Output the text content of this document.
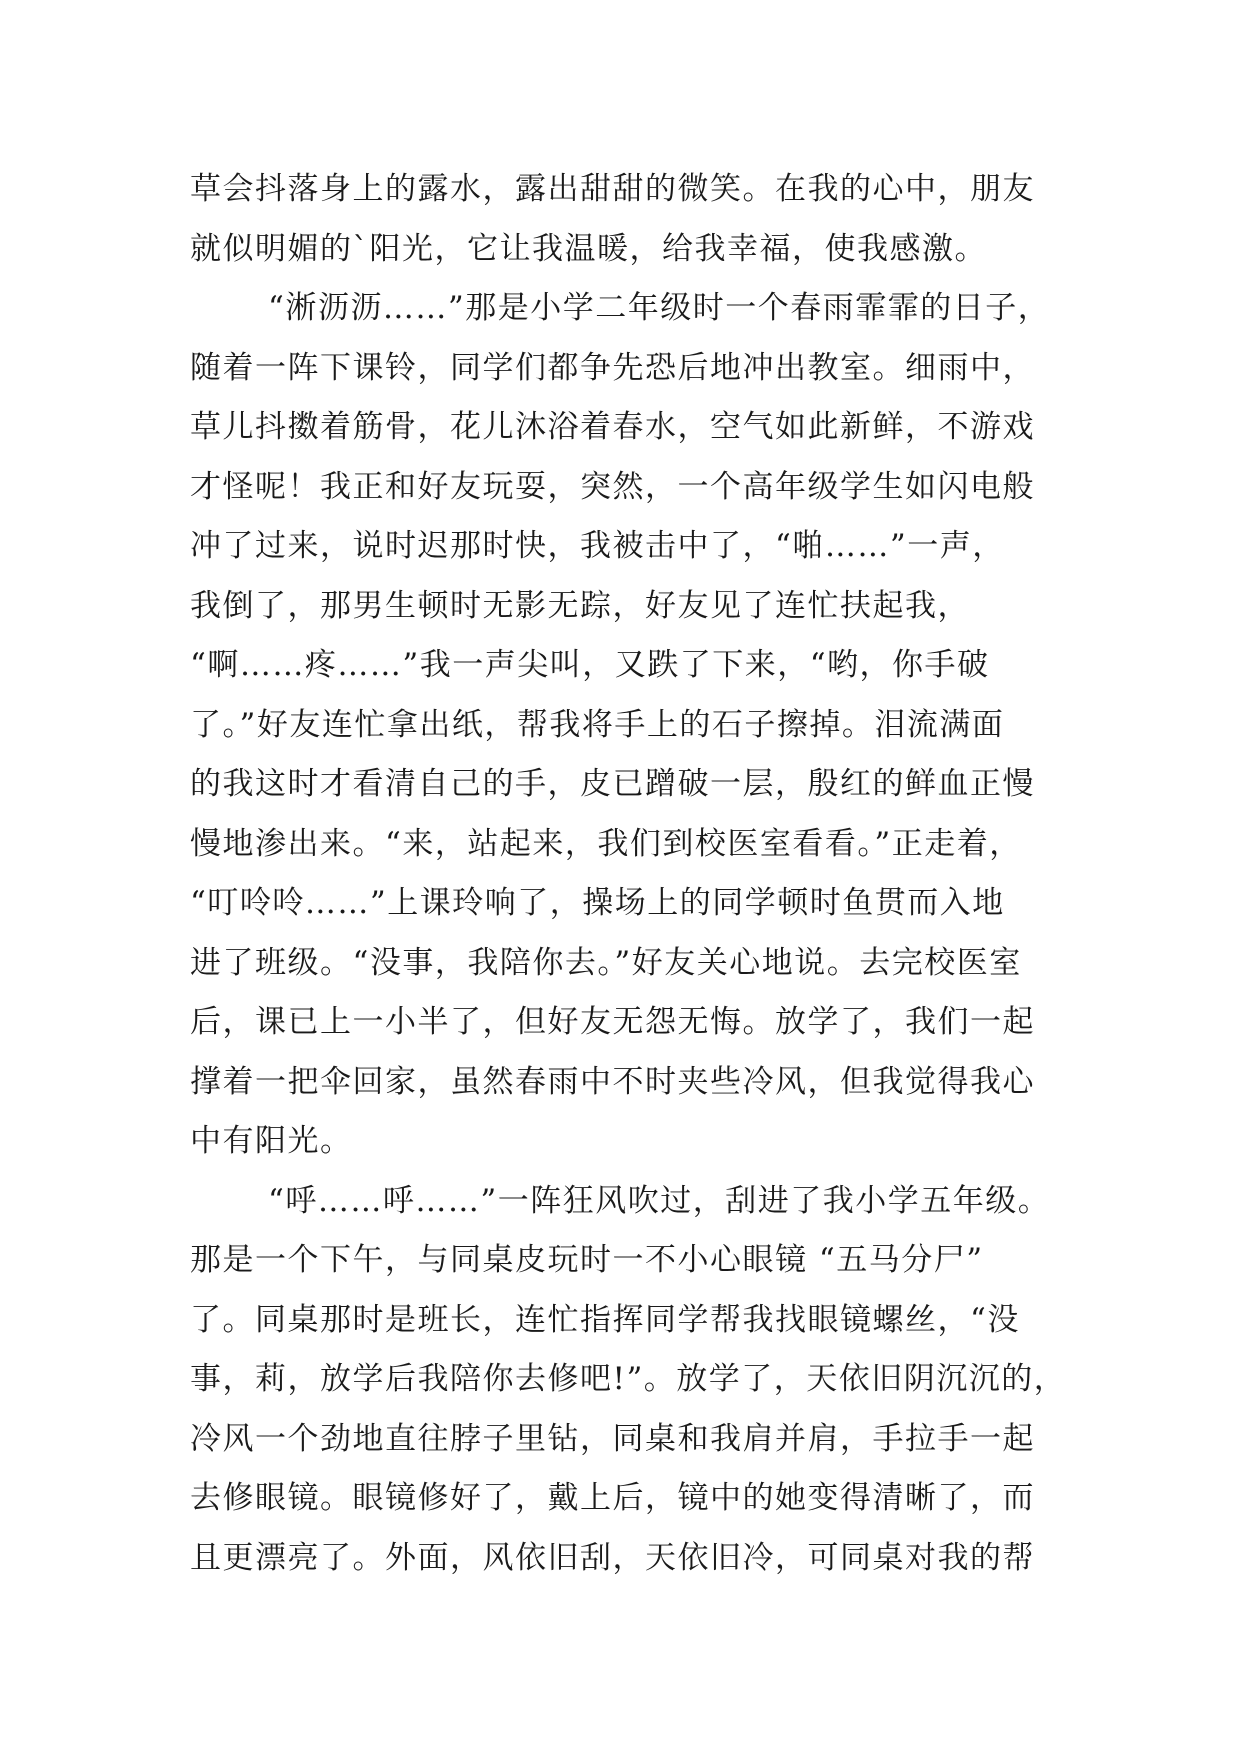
草会抖落身上的露水，露出甜甜的微笑。在我的心中，朋友
就似明媚的`阳光，它让我温暖，给我幸福，使我感激。
“淅沥沥……”那是小学二年级时一个春雨霏霏的日子，
随着一阵下课铃，同学们都争先恐后地冲出教室。细雨中，
草儿抖擞着筋骨，花儿沐浴着春水，空气如此新鲜，不游戏
才怪呢！我正和好友玩耍，突然，一个高年级学生如闪电般
冲了过来，说时迟那时快，我被击中了，“啪……”一声，
我倒了，那男生顿时无影无踪，好友见了连忙扶起我，
“啊……疼……”我一声尖叫，又跌了下来，“哟，你手破
了。”好友连忙拿出纸，帮我将手上的石子擦掉。泪流满面
的我这时才看清自己的手，皮已蹭破一层，殷红的鲜血正慢
慢地渗出来。“来，站起来，我们到校医室看看。”正走着，
“叮呤呤……”上课玲响了，操场上的同学顿时鱼贯而入地
进了班级。“没事，我陪你去。”好友关心地说。去完校医室
后，课已上一小半了，但好友无怨无悔。放学了，我们一起
撑着一把伞回家，虽然春雨中不时夹些冷风，但我觉得我心
中有阳光。
“呼……呼……”一阵狂风吹过，刮进了我小学五年级。
那是一个下午，与同桌皮玩时一不小心眼镜 “五马分尸”
了。同桌那时是班长，连忙指挥同学帮我找眼镜螺丝，“没
事，莉，放学后我陪你去修吧!”。放学了，天依旧阴沉沉的，
冷风一个劲地直往脖子里钻，同桌和我肩并肩，手拉手一起
去修眼镜。眼镜修好了，戴上后，镜中的她变得清晰了，而
且更漂亮了。外面，风依旧刮，天依旧冷，可同桌对我的帮
